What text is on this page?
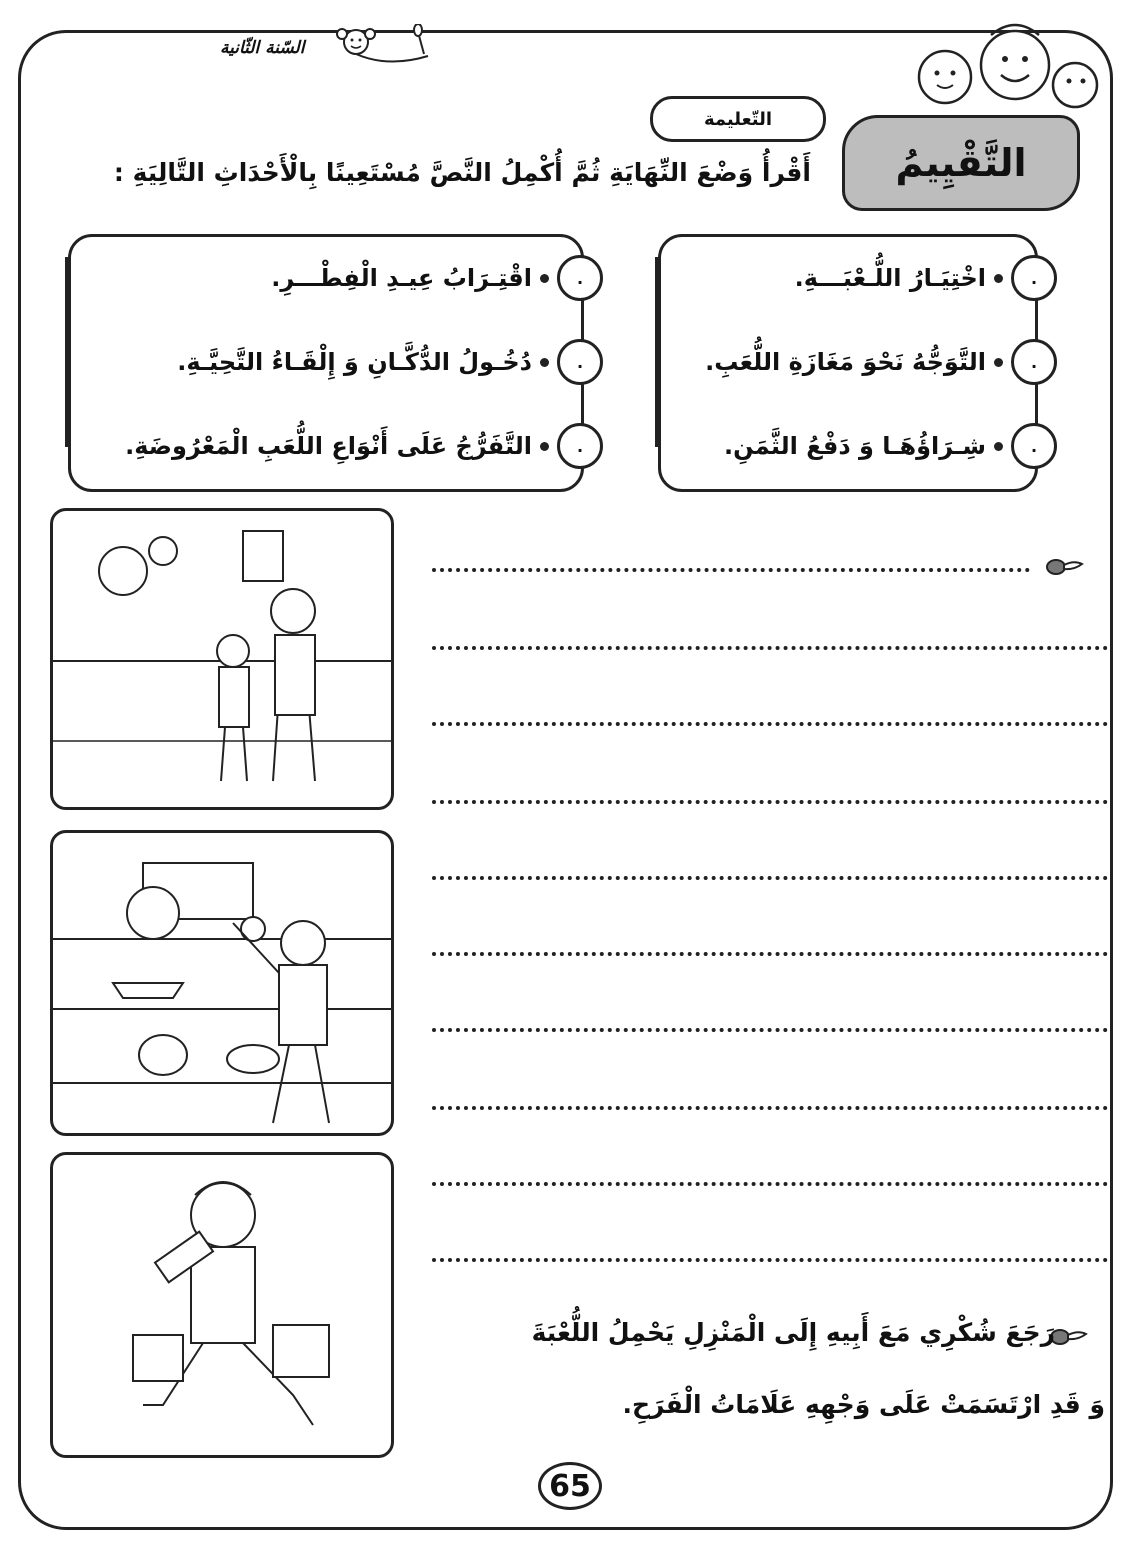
السّنة الثّانية
التّعليمة
التَّقْيِيمُ
أَقْرأُ وَضْعَ النِّهَايَةِ ثُمَّ أُكْمِلُ النَّصَّ مُسْتَعِينًا بِالْأَحْدَاثِ التَّالِيَةِ :
.
اخْتِيَـارُ اللُّـعْبَـــةِ.
.
التَّوَجُّهُ نَحْوَ مَغَازَةِ اللُّعَبِ.
.
شِـرَاؤُهَـا وَ دَفْعُ الثَّمَنِ.
.
اقْتِـرَابُ عِيـدِ الْفِطْـــرِ.
.
دُخُـولُ الدُّكَّـانِ وَ إِلْقَـاءُ التَّحِيَّـةِ.
.
التَّفَرُّجُ عَلَى أَنْوَاعِ اللُّعَبِ الْمَعْرُوضَةِ.
رَجَعَ شُكْرِي مَعَ أَبِيهِ إِلَى الْمَنْزِلِ يَحْمِلُ اللُّعْبَةَ
وَ قَدِ ارْتَسَمَتْ عَلَى وَجْهِهِ عَلَامَاتُ الْفَرَحِ.
65
